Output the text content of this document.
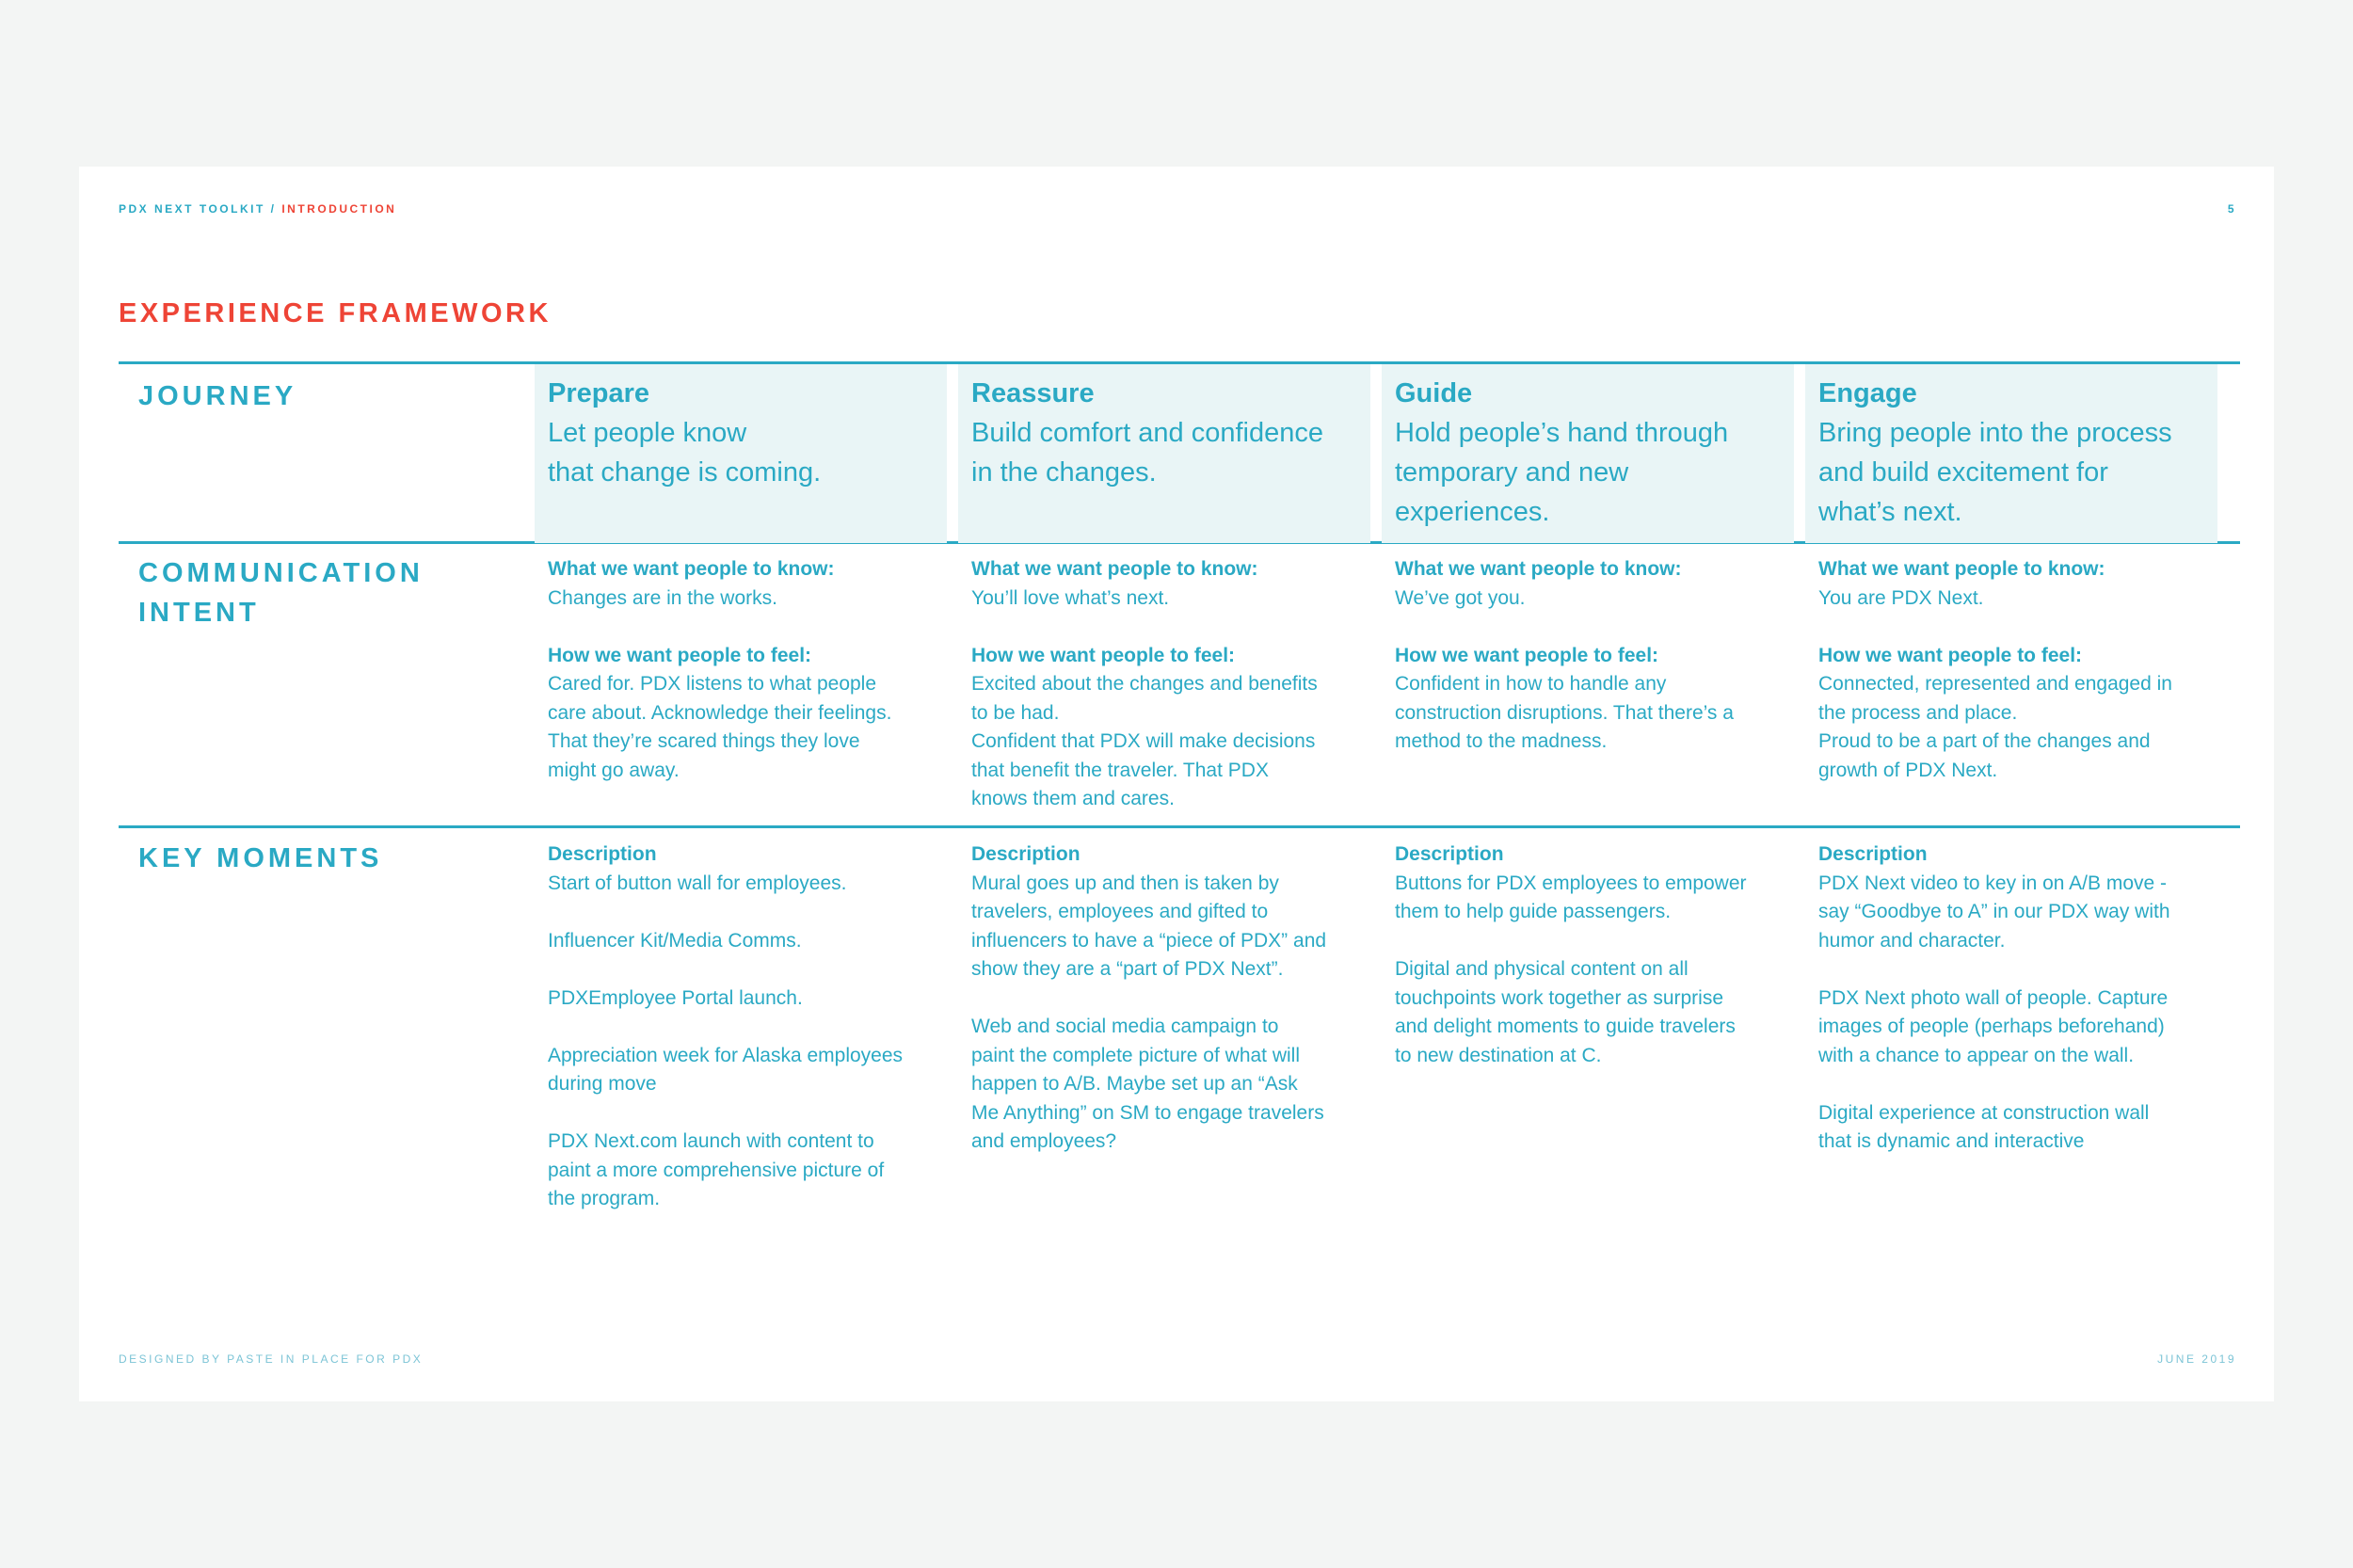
PDX NEXT TOOLKIT / INTRODUCTION	5
EXPERIENCE FRAMEWORK
JOURNEY
COMMUNICATION
INTENT
KEY MOMENTS
Prepare
Let people know
that change is coming.
What we want people to know:
Changes are in the works.
How we want people to feel:
Cared for. PDX listens to what people
care about. Acknowledge their feelings.
That they’re scared things they love
might go away.
Description
Start of button wall for employees.
Influencer Kit/Media Comms.
PDXEmployee Portal launch.
Appreciation week for Alaska employees
during move
PDX Next.com launch with content to
paint a more comprehensive picture of
the program.
Reassure
Build comfort and confidence
in the changes.
What we want people to know:
You’ll love what’s next.
How we want people to feel:
Excited about the changes and benefits
to be had.
Confident that PDX will make decisions
that benefit the traveler. That PDX
knows them and cares.
Description
Mural goes up and then is taken by
travelers, employees and gifted to
influencers to have a “piece of PDX” and
show they are a “part of PDX Next”.
Web and social media campaign to
paint the complete picture of what will
happen to A/B. Maybe set up an “Ask
Me Anything” on SM to engage travelers
and employees?
Guide
Hold people’s hand through
temporary and new
experiences.
What we want people to know:
We’ve got you.
How we want people to feel:
Confident in how to handle any
construction disruptions. That there’s a
method to the madness.
Description
Buttons for PDX employees to empower
them to help guide passengers.
Digital and physical content on all
touchpoints work together as surprise
and delight moments to guide travelers
to new destination at C.
Engage
Bring people into the process
and build excitement for
what’s next.
What we want people to know:
You are PDX Next.
How we want people to feel:
Connected, represented and engaged in
the process and place.
Proud to be a part of the changes and
growth of PDX Next.
Description
PDX Next video to key in on A/B move -
say “Goodbye to A” in our PDX way with
humor and character.
PDX Next photo wall of people. Capture
images of people (perhaps beforehand)
with a chance to appear on the wall.
Digital experience at construction wall
that is dynamic and interactive
DESIGNED BY PASTE IN PLACE FOR PDX	JUNE 2019
